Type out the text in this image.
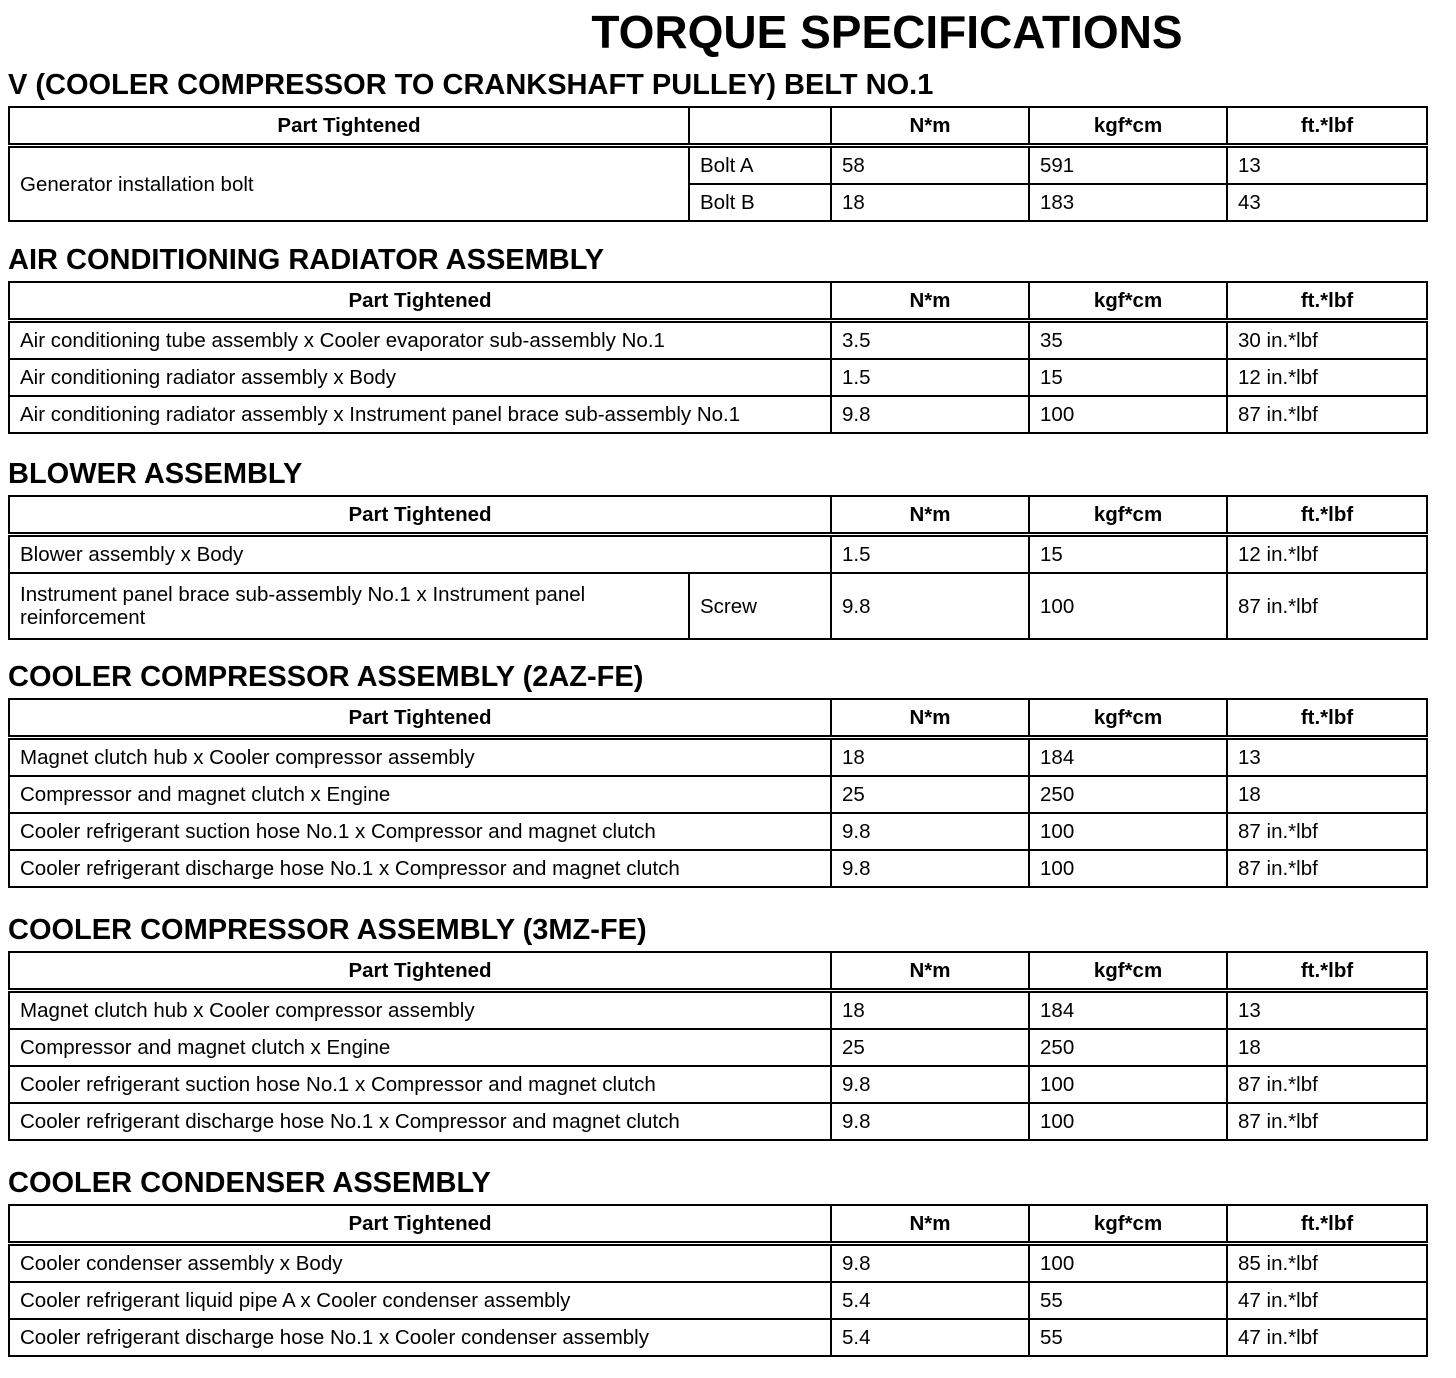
TORQUE SPECIFICATIONS
V (COOLER COMPRESSOR TO CRANKSHAFT PULLEY) BELT NO.1
Part Tightened		N*m	kgf*cm	ft.*lbf
Generator installation bolt	Bolt A	58	591	13
	Bolt B	18	183	43
AIR CONDITIONING RADIATOR ASSEMBLY
Part Tightened	N*m	kgf*cm	ft.*lbf
Air conditioning tube assembly x Cooler evaporator sub-assembly No.1	3.5	35	30 in.*lbf
Air conditioning radiator assembly x Body	1.5	15	12 in.*lbf
Air conditioning radiator assembly x Instrument panel brace sub-assembly No.1	9.8	100	87 in.*lbf
BLOWER ASSEMBLY
Part Tightened		N*m	kgf*cm	ft.*lbf
Blower assembly x Body		1.5	15	12 in.*lbf
Instrument panel brace sub-assembly No.1 x Instrument panel reinforcement	Screw	9.8	100	87 in.*lbf
COOLER COMPRESSOR ASSEMBLY (2AZ-FE)
Part Tightened	N*m	kgf*cm	ft.*lbf
Magnet clutch hub x Cooler compressor assembly	18	184	13
Compressor and magnet clutch x Engine	25	250	18
Cooler refrigerant suction hose No.1 x Compressor and magnet clutch	9.8	100	87 in.*lbf
Cooler refrigerant discharge hose No.1 x Compressor and magnet clutch	9.8	100	87 in.*lbf
COOLER COMPRESSOR ASSEMBLY (3MZ-FE)
Part Tightened	N*m	kgf*cm	ft.*lbf
Magnet clutch hub x Cooler compressor assembly	18	184	13
Compressor and magnet clutch x Engine	25	250	18
Cooler refrigerant suction hose No.1 x Compressor and magnet clutch	9.8	100	87 in.*lbf
Cooler refrigerant discharge hose No.1 x Compressor and magnet clutch	9.8	100	87 in.*lbf
COOLER CONDENSER ASSEMBLY
Part Tightened	N*m	kgf*cm	ft.*lbf
Cooler condenser assembly x Body	9.8	100	85 in.*lbf
Cooler refrigerant liquid pipe A x Cooler condenser assembly	5.4	55	47 in.*lbf
Cooler refrigerant discharge hose No.1 x Cooler condenser assembly	5.4	55	47 in.*lbf
